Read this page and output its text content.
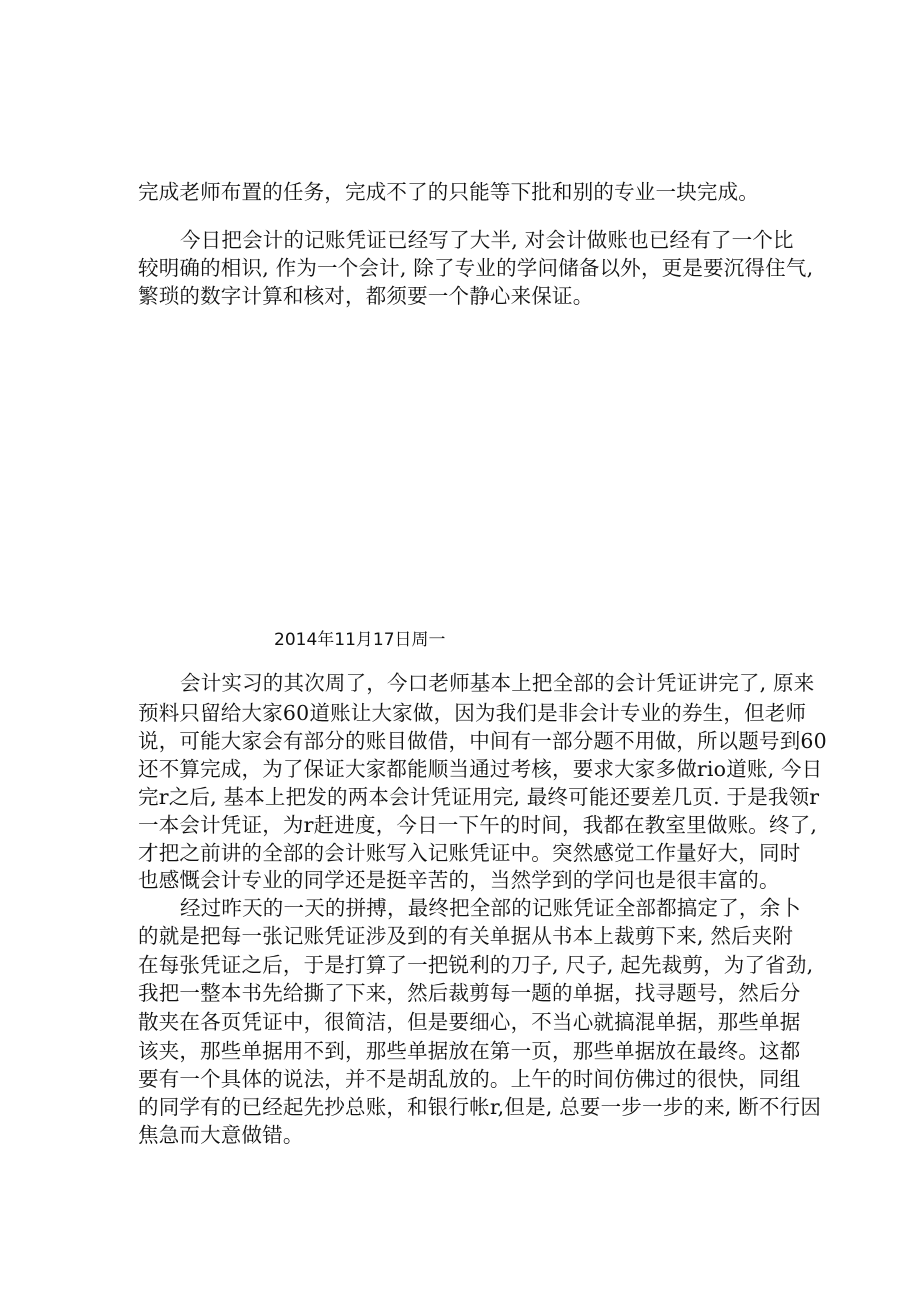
完成老师布置的任务，完成不了的只能等下批和别的专业一块完成。

今日把会计的记账凭证已经写了大半, 对会计做账也已经有了一个比

较明确的相识, 作为一个会计, 除了专业的学问储备以外，更是要沉得住气,

繁琐的数字计算和核对，都须要一个静心来保证。

2014年11月17日周一

会计实习的其次周了，今口老师基本上把全部的会计凭证讲完了, 原来

预料只留给大家60道账让大家做，因为我们是非会计专业的券生，但老师

说，可能大家会有部分的账目做借，中间有一部分题不用做，所以题号到60

还不算完成，为了保证大家都能顺当通过考核，要求大家多做rio道账, 今日

完r之后, 基本上把发的两本会计凭证用完, 最终可能还要差几页. 于是我领r

一本会计凭证，为r赶进度，今日一下午的时间，我都在教室里做账。终了,

才把之前讲的全部的会计账写入记账凭证中。突然感觉工作量好大，同时

也感慨会计专业的同学还是挺辛苦的，当然学到的学问也是很丰富的。

经过昨天的一天的拼搏，最终把全部的记账凭证全部都搞定了，余卜

的就是把每一张记账凭证涉及到的有关单据从书本上裁剪下来, 然后夹附

在每张凭证之后，于是打算了一把锐利的刀子, 尺子, 起先裁剪，为了省劲,

我把一整本书先给撕了下来，然后裁剪每一题的单据，找寻题号，然后分

散夹在各页凭证中，很简洁，但是要细心，不当心就搞混单据，那些单据

该夹，那些单据用不到，那些单据放在第一页，那些单据放在最终。这都

要有一个具体的说法，并不是胡乱放的。上午的时间仿佛过的很快，同组

的同学有的已经起先抄总账，和银行帐r,但是, 总要一步一步的来, 断不行因

焦急而大意做错。
